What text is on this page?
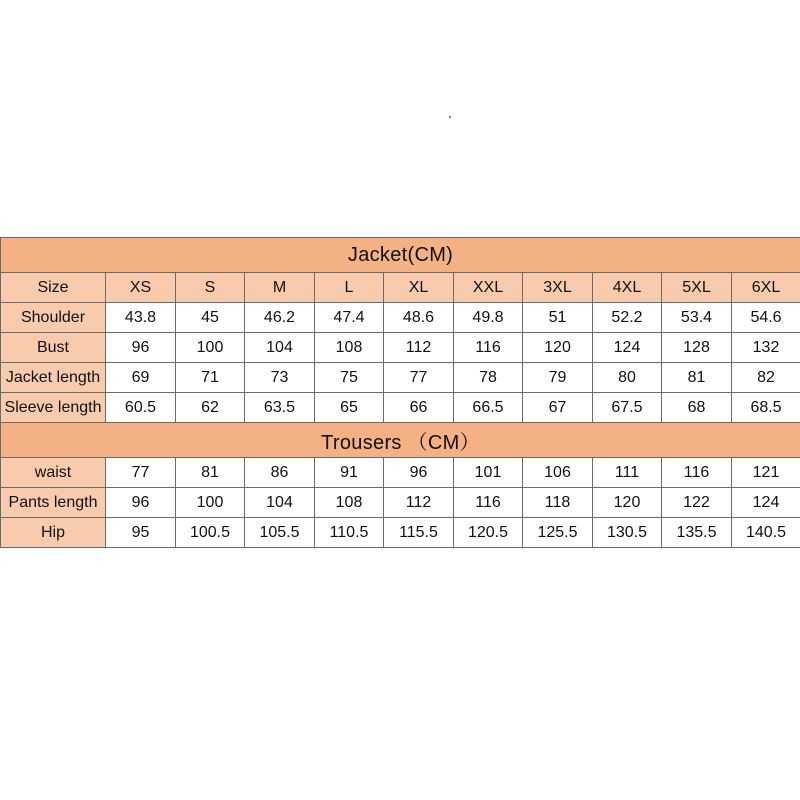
Jacket(CM)										
Size	XS	S	M	L	XL	XXL	3XL	4XL	5XL	6XL
Shoulder	43.8	45	46.2	47.4	48.6	49.8	51	52.2	53.4	54.6
Bust	96	100	104	108	112	116	120	124	128	132
Jacket length	69	71	73	75	77	78	79	80	81	82
Sleeve length	60.5	62	63.5	65	66	66.5	67	67.5	68	68.5
Trousers （CM）										
waist	77	81	86	91	96	101	106	111	116	121
Pants length	96	100	104	108	112	116	118	120	122	124
Hip	95	100.5	105.5	110.5	115.5	120.5	125.5	130.5	135.5	140.5
